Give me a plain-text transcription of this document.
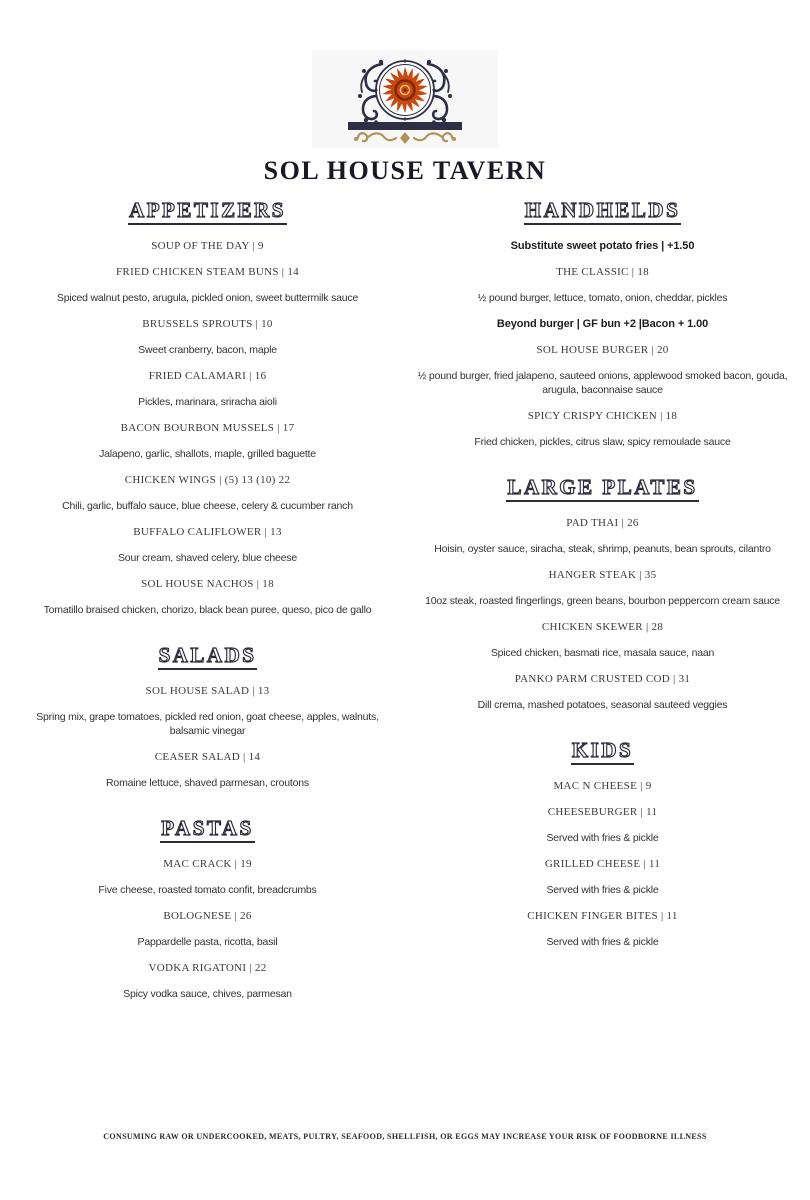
SOL HOUSE TAVERN
APPETIZERS

SOUP OF THE DAY | 9

FRIED CHICKEN STEAM BUNS | 14

Spiced walnut pesto, arugula, pickled onion, sweet buttermilk sauce

BRUSSELS SPROUTS | 10

Sweet cranberry, bacon, maple

FRIED CALAMARI | 16

Pickles, marinara, sriracha aioli

BACON BOURBON MUSSELS | 17

Jalapeno, garlic, shallots, maple, grilled baguette

CHICKEN WINGS | (5) 13 (10) 22

Chili, garlic, buffalo sauce, blue cheese, celery & cucumber ranch

BUFFALO CALIFLOWER | 13

Sour cream, shaved celery, blue cheese

SOL HOUSE NACHOS | 18

Tomatillo braised chicken, chorizo, black bean puree, queso, pico de gallo

SALADS

SOL HOUSE SALAD | 13

Spring mix, grape tomatoes, pickled red onion, goat cheese, apples, walnuts, balsamic vinegar

CEASER SALAD | 14

Romaine lettuce, shaved parmesan, croutons

PASTAS

MAC CRACK | 19

Five cheese, roasted tomato confit, breadcrumbs

BOLOGNESE | 26

Pappardelle pasta, ricotta, basil

VODKA RIGATONI | 22

Spicy vodka sauce, chives, parmesan

HANDHELDS

Substitute sweet potato fries | +1.50

THE CLASSIC | 18

½ pound burger, lettuce, tomato, onion, cheddar, pickles

Beyond burger | GF bun +2 |Bacon + 1.00

SOL HOUSE BURGER | 20

½ pound burger, fried jalapeno, sauteed onions, applewood smoked bacon, gouda, arugula, baconnaise sauce

SPICY CRISPY CHICKEN | 18

Fried chicken, pickles, citrus slaw, spicy remoulade sauce

LARGE PLATES

PAD THAI | 26

Hoisin, oyster sauce, siracha, steak, shrimp, peanuts, bean sprouts, cilantro

HANGER STEAK | 35

10oz steak, roasted fingerlings, green beans, bourbon peppercorn cream sauce

CHICKEN SKEWER | 28

Spiced chicken, basmati rice, masala sauce, naan

PANKO PARM CRUSTED COD | 31

Dill crema, mashed potatoes, seasonal sauteed veggies

KIDS

MAC N CHEESE | 9

CHEESEBURGER | 11

Served with fries & pickle

GRILLED CHEESE | 11

Served with fries & pickle

CHICKEN FINGER BITES | 11

Served with fries & pickle

CONSUMING RAW OR UNDERCOOKED, MEATS, PULTRY, SEAFOOD, SHELLFISH, OR EGGS MAY INCREASE YOUR RISK OF FOODBORNE ILLNESS
